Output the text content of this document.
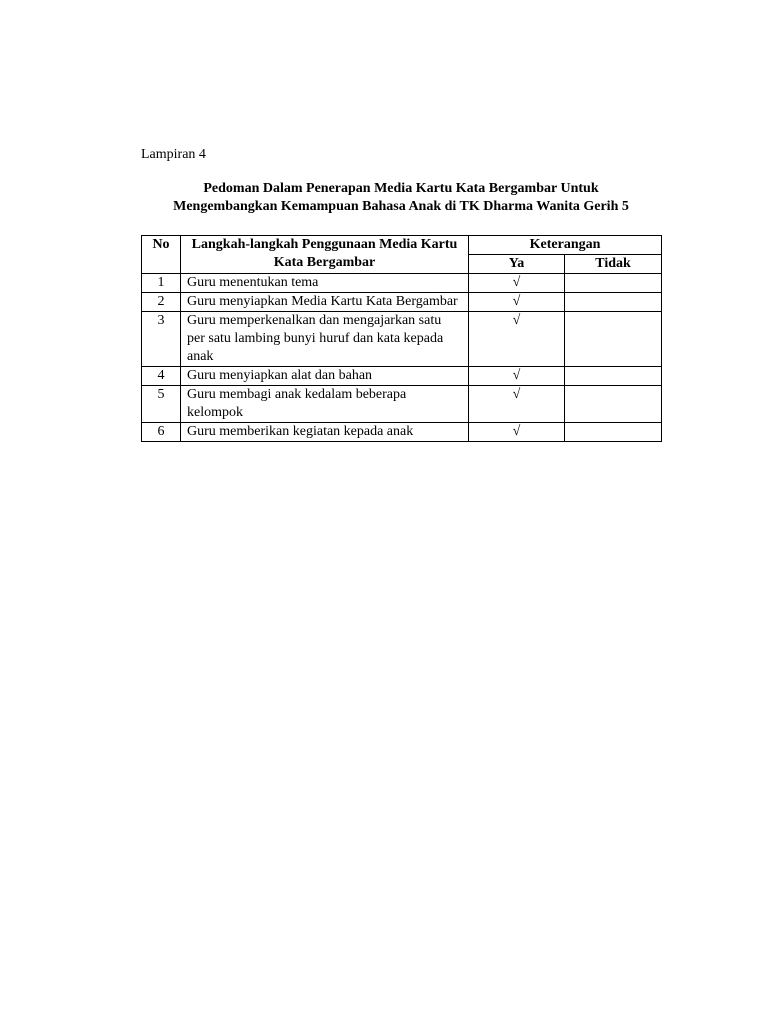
Lampiran 4
Pedoman Dalam Penerapan Media Kartu Kata Bergambar Untuk
Mengembangkan Kemampuan Bahasa Anak di TK Dharma Wanita Gerih 5
No	Langkah-langkah Penggunaan Media Kartu Kata Bergambar	Keterangan	
		Ya	Tidak
1	Guru menentukan tema	√	
2	Guru menyiapkan Media Kartu Kata Bergambar	√	
3	Guru memperkenalkan dan mengajarkan satu per satu lambing bunyi huruf dan kata kepada anak	√	
4	Guru menyiapkan alat dan bahan	√	
5	Guru membagi anak kedalam beberapa kelompok	√	
6	Guru memberikan kegiatan kepada anak	√	
